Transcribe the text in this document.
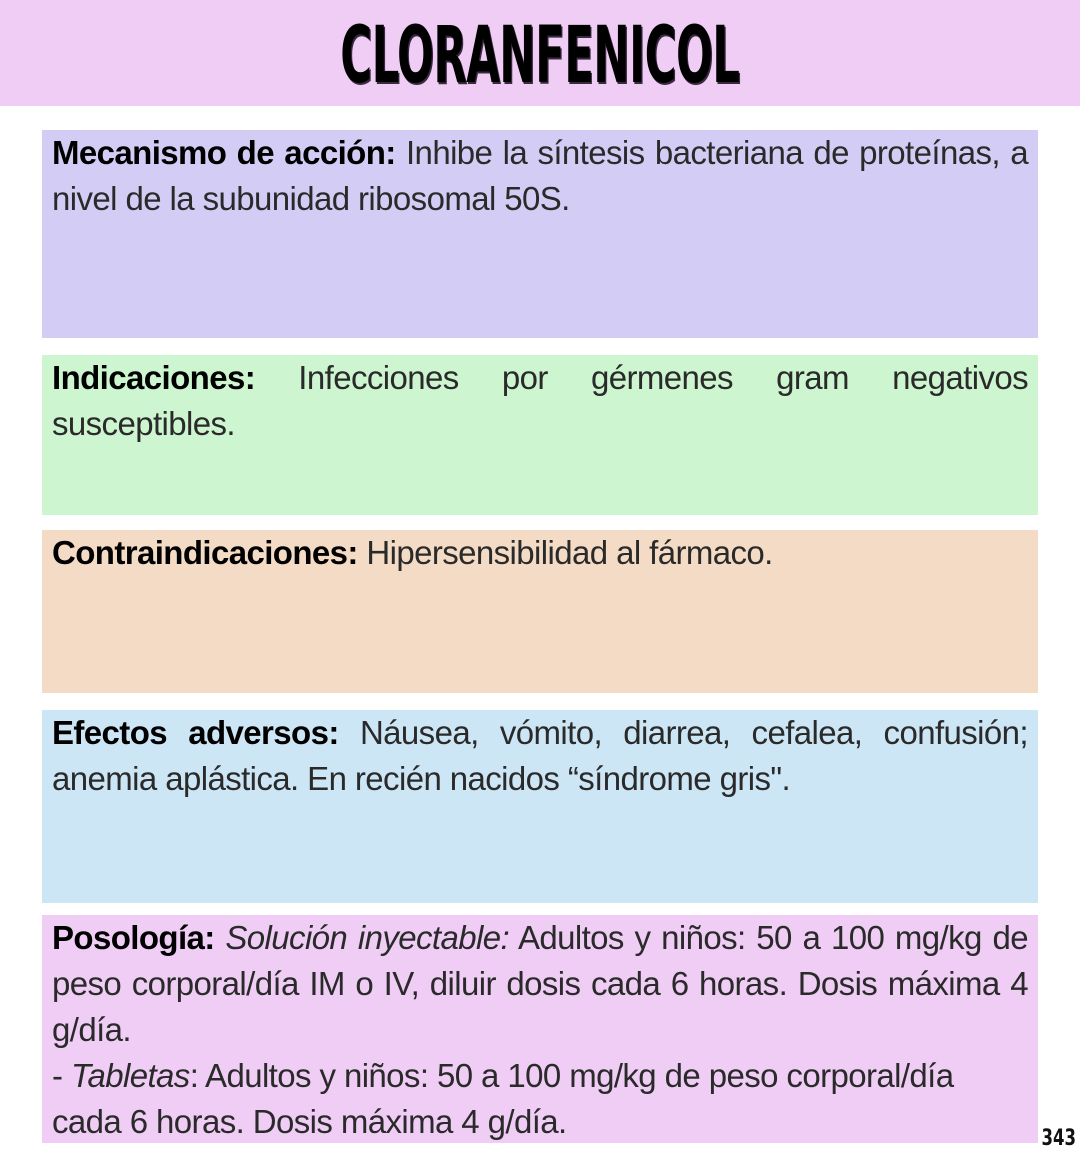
CLORANFENICOL

Mecanismo de acción: Inhibe la síntesis bacteriana de proteínas, a nivel de la subunidad ribosomal 50S.

Indicaciones: Infecciones por gérmenes gram negativos susceptibles.

Contraindicaciones: Hipersensibilidad al fármaco.

Efectos adversos: Náusea, vómito, diarrea, cefalea, confusión; anemia aplástica. En recién nacidos “síndrome gris".

Posología: Solución inyectable: Adultos y niños: 50 a 100 mg/kg de peso corporal/día IM o IV, diluir dosis cada 6 horas. Dosis máxima 4 g/día.

- Tabletas: Adultos y niños: 50 a 100 mg/kg de peso corporal/día cada 6 horas. Dosis máxima 4 g/día.	343
